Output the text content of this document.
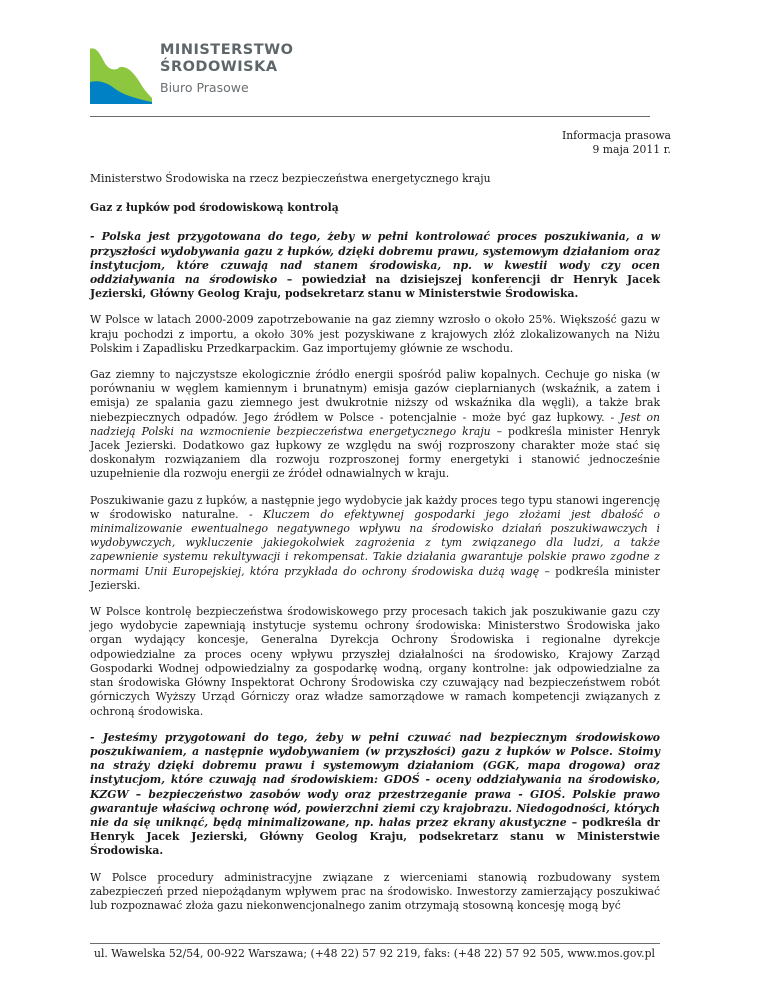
MINISTERSTWO
ŚRODOWISKA
Biuro Prasowe
Informacja prasowa
9 maja 2011 r.

Ministerstwo Środowiska na rzecz bezpieczeństwa energetycznego kraju

Gaz z łupków pod środowiskową kontrolą

- Polska jest przygotowana do tego, żeby w pełni kontrolować proces poszukiwania, a w przyszłości wydobywania gazu z łupków, dzięki dobremu prawu, systemowym działaniom oraz instytucjom, które czuwają nad stanem środowiska, np. w kwestii wody czy ocen oddziaływania na środowisko – powiedział na dzisiejszej konferencji dr Henryk Jacek Jezierski, Główny Geolog Kraju, podsekretarz stanu w Ministerstwie Środowiska.

W Polsce w latach 2000-2009 zapotrzebowanie na gaz ziemny wzrosło o około 25%. Większość gazu w kraju pochodzi z importu, a około 30% jest pozyskiwane z krajowych złóż zlokalizowanych na Niżu Polskim i Zapadlisku Przedkarpackim. Gaz importujemy głównie ze wschodu.

Gaz ziemny to najczystsze ekologicznie źródło energii spośród paliw kopalnych. Cechuje go niska (w porównaniu w węglem kamiennym i brunatnym) emisja gazów cieplarnianych (wskaźnik, a zatem i emisja) ze spalania gazu ziemnego jest dwukrotnie niższy od wskaźnika dla węgli), a także brak niebezpiecznych odpadów. Jego źródłem w Polsce - potencjalnie - może być gaz łupkowy. - Jest on nadzieją Polski na wzmocnienie bezpieczeństwa energetycznego kraju – podkreśla minister Henryk Jacek Jezierski. Dodatkowo gaz łupkowy ze względu na swój rozproszony charakter może stać się doskonałym rozwiązaniem dla rozwoju rozproszonej formy energetyki i stanowić jednocześnie uzupełnienie dla rozwoju energii ze źródeł odnawialnych w kraju.

Poszukiwanie gazu z łupków, a następnie jego wydobycie jak każdy proces tego typu stanowi ingerencję w środowisko naturalne. - Kluczem do efektywnej gospodarki jego złożami jest dbałość o minimalizowanie ewentualnego negatywnego wpływu na środowisko działań poszukiwawczych i wydobywczych, wykluczenie jakiegokolwiek zagrożenia z tym związanego dla ludzi, a także zapewnienie systemu rekultywacji i rekompensat. Takie działania gwarantuje polskie prawo zgodne z normami Unii Europejskiej, która przykłada do ochrony środowiska dużą wagę – podkreśla minister Jezierski.

W Polsce kontrolę bezpieczeństwa środowiskowego przy procesach takich jak poszukiwanie gazu czy jego wydobycie zapewniają instytucje systemu ochrony środowiska: Ministerstwo Środowiska jako organ wydający koncesje, Generalna Dyrekcja Ochrony Środowiska i regionalne dyrekcje odpowiedzialne za proces oceny wpływu przyszłej działalności na środowisko, Krajowy Zarząd Gospodarki Wodnej odpowiedzialny za gospodarkę wodną, organy kontrolne: jak odpowiedzialne za stan środowiska Główny Inspektorat Ochrony Środowiska czy czuwający nad bezpieczeństwem robót górniczych Wyższy Urząd Górniczy oraz władze samorządowe w ramach kompetencji związanych z ochroną środowiska.

- Jesteśmy przygotowani do tego, żeby w pełni czuwać nad bezpiecznym środowiskowo poszukiwaniem, a następnie wydobywaniem (w przyszłości) gazu z łupków w Polsce. Stoimy na straży dzięki dobremu prawu i systemowym działaniom (GGK, mapa drogowa) oraz instytucjom, które czuwają nad środowiskiem: GDOŚ - oceny oddziaływania na środowisko, KZGW – bezpieczeństwo zasobów wody oraz przestrzeganie prawa - GIOŚ. Polskie prawo gwarantuje właściwą ochronę wód, powierzchni ziemi czy krajobrazu. Niedogodności, których nie da się uniknąć, będą minimalizowane, np. hałas przez ekrany akustyczne – podkreśla dr Henryk Jacek Jezierski, Główny Geolog Kraju, podsekretarz stanu w Ministerstwie Środowiska.

W Polsce procedury administracyjne związane z wierceniami stanowią rozbudowany system zabezpieczeń przed niepożądanym wpływem prac na środowisko. Inwestorzy zamierzający poszukiwać lub rozpoznawać złoża gazu niekonwencjonalnego zanim otrzymają stosowną koncesję mogą być

ul. Wawelska 52/54, 00-922 Warszawa; (+48 22) 57 92 219, faks: (+48 22) 57 92 505, www.mos.gov.pl
